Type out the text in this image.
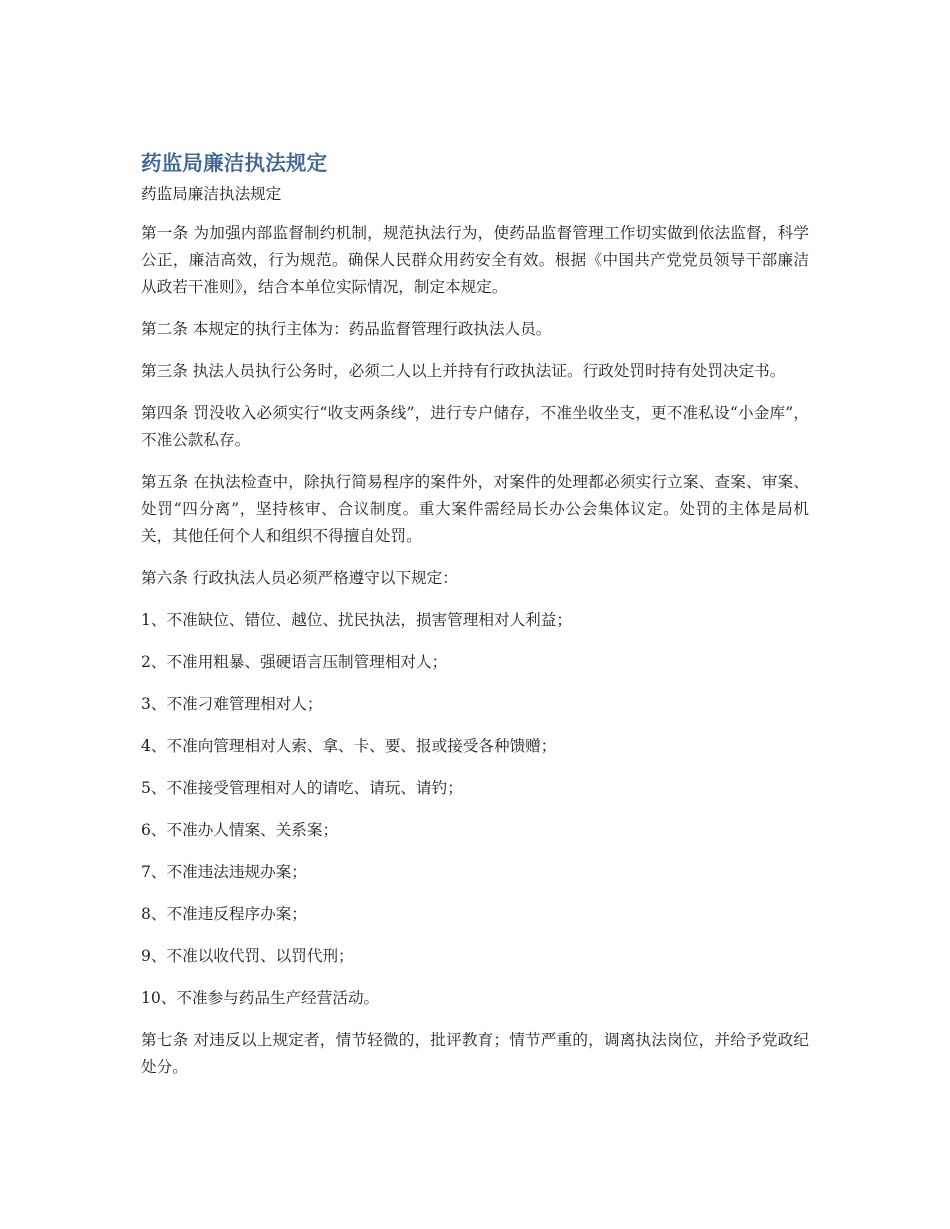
药监局廉洁执法规定
药监局廉洁执法规定

第一条 为加强内部监督制约机制，规范执法行为，使药品监督管理工作切实做到依法监督，科学公正，廉洁高效，行为规范。确保人民群众用药安全有效。根据《中国共产党党员领导干部廉洁从政若干准则》，结合本单位实际情况，制定本规定。

第二条 本规定的执行主体为：药品监督管理行政执法人员。

第三条 执法人员执行公务时，必须二人以上并持有行政执法证。行政处罚时持有处罚决定书。

第四条 罚没收入必须实行“收支两条线”，进行专户储存，不准坐收坐支，更不准私设“小金库”，不准公款私存。

第五条 在执法检查中，除执行简易程序的案件外，对案件的处理都必须实行立案、查案、审案、处罚“四分离”，坚持核审、合议制度。重大案件需经局长办公会集体议定。处罚的主体是局机关，其他任何个人和组织不得擅自处罚。

第六条 行政执法人员必须严格遵守以下规定：

1、不准缺位、错位、越位、扰民执法，损害管理相对人利益；

2、不准用粗暴、强硬语言压制管理相对人；

3、不准刁难管理相对人；

4、不准向管理相对人索、拿、卡、要、报或接受各种馈赠；

5、不准接受管理相对人的请吃、请玩、请钓；

6、不准办人情案、关系案；

7、不准违法违规办案；

8、不准违反程序办案；

9、不准以收代罚、以罚代刑；

10、不准参与药品生产经营活动。

第七条 对违反以上规定者，情节轻微的，批评教育；情节严重的，调离执法岗位，并给予党政纪处分。
